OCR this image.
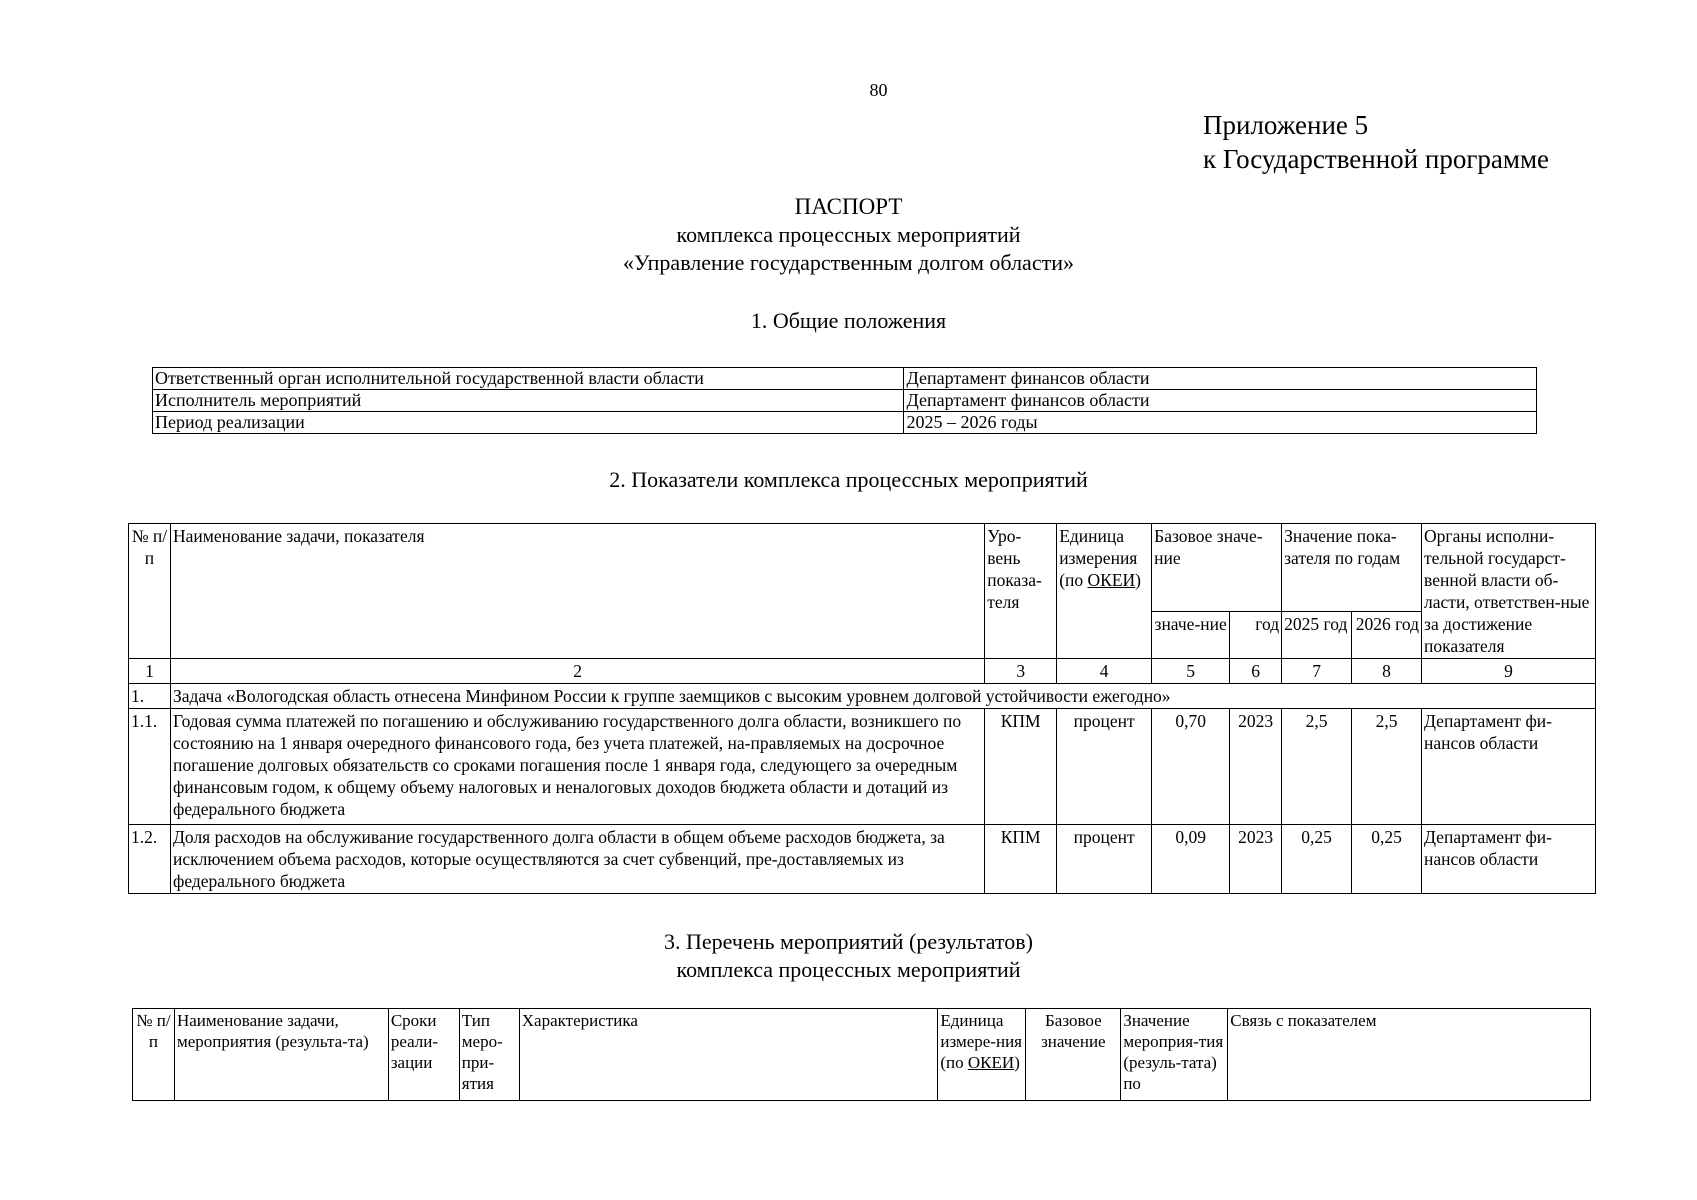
80
Приложение 5
к Государственной программе
ПАСПОРТ
комплекса процессных мероприятий
«Управление государственным долгом области»
1. Общие положения
Ответственный орган исполнительной государственной власти области	Департамент финансов области
Исполнитель мероприятий	Департамент финансов области
Период реализации	2025 – 2026 годы
2. Показатели комплекса процессных мероприятий
№ п/п	Наименование задачи, показателя	Уро-вень показа-теля	Единица измерения (по ОКЕИ)	Базовое значе-ние		Значение пока-зателя по годам		Органы исполни-тельной государст-венной власти об-ласти, ответствен-ные за достижение показателя
				значе-ние	год	2025 год	2026 год	
1	2	3	4	5	6	7	8	9
1.	Задача «Вологодская область отнесена Минфином России к группе заемщиков с высоким уровнем долговой устойчивости ежегодно»							
1.1.	Годовая сумма платежей по погашению и обслуживанию государственного долга области, возникшего по состоянию на 1 января очередного финансового года, без учета платежей, на-правляемых на досрочное погашение долговых обязательств со сроками погашения после 1 января года, следующего за очередным финансовым годом, к общему объему налоговых и неналоговых доходов бюджета области и дотаций из федерального бюджета	КПМ	процент	0,70	2023	2,5	2,5	Департамент фи-нансов области
1.2.	Доля расходов на обслуживание государственного долга области в общем объеме расходов бюджета, за исключением объема расходов, которые осуществляются за счет субвенций, пре-доставляемых из федерального бюджета	КПМ	процент	0,09	2023	0,25	0,25	Департамент фи-нансов области
3. Перечень мероприятий (результатов)
комплекса процессных мероприятий
№ п/п	Наименование задачи, мероприятия (результа-та)	Сроки реали-зации	Тип меро-при-ятия	Характеристика	Единица измере-ния (по ОКЕИ)	Базовое значение	Значение мероприя-тия (резуль-тата) по	Связь с показателем
